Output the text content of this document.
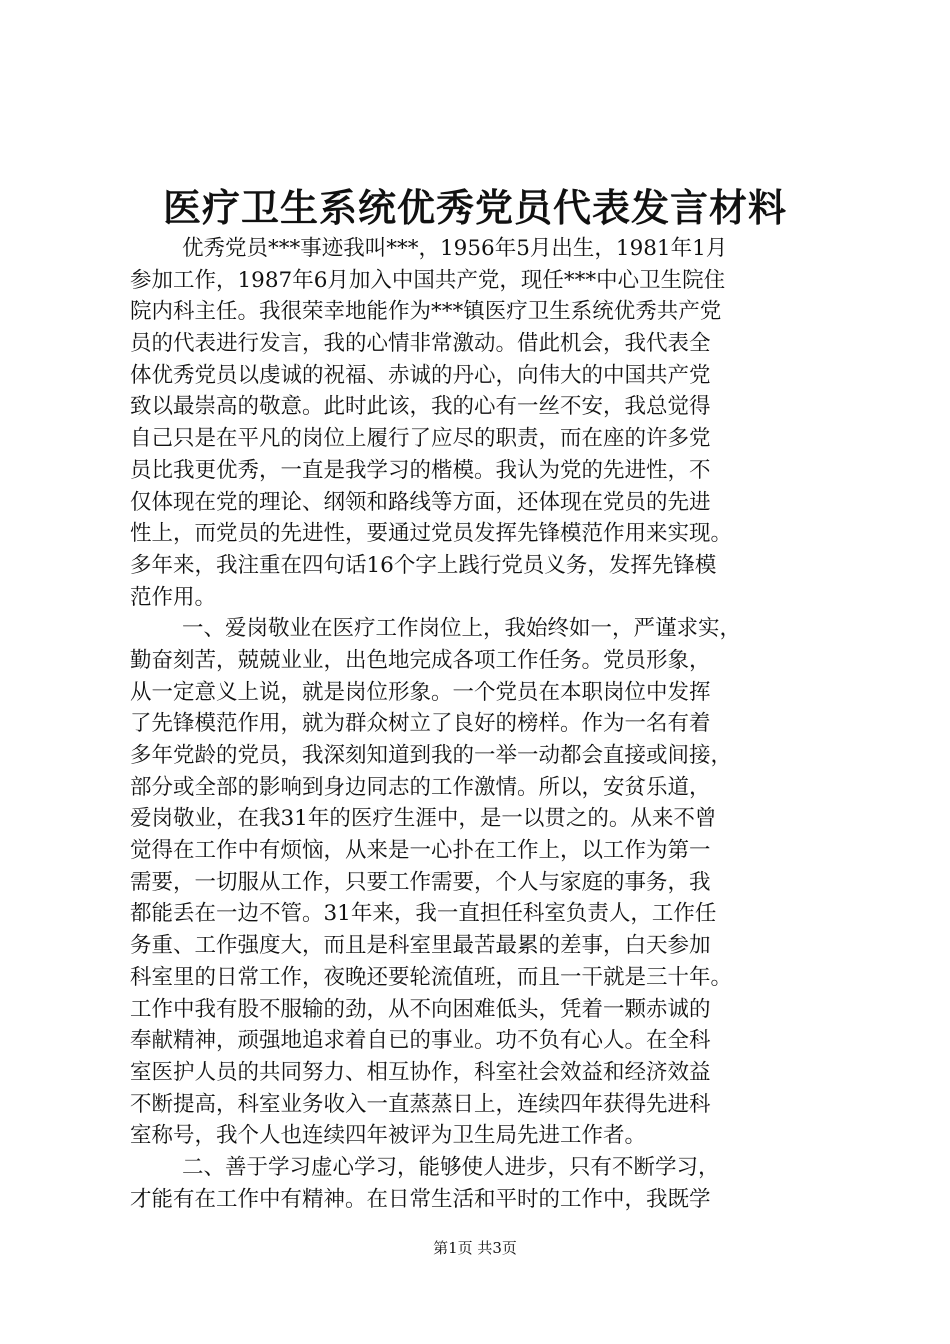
医疗卫生系统优秀党员代表发言材料
优秀党员***事迹我叫***，1956年5月出生，1981年1月
参加工作，1987年6月加入中国共产党，现任***中心卫生院住
院内科主任。我很荣幸地能作为***镇医疗卫生系统优秀共产党
员的代表进行发言，我的心情非常激动。借此机会，我代表全
体优秀党员以虔诚的祝福、赤诚的丹心，向伟大的中国共产党
致以最崇高的敬意。此时此该，我的心有一丝不安，我总觉得
自己只是在平凡的岗位上履行了应尽的职责，而在座的许多党
员比我更优秀，一直是我学习的楷模。我认为党的先进性，不
仅体现在党的理论、纲领和路线等方面，还体现在党员的先进
性上，而党员的先进性，要通过党员发挥先锋模范作用来实现。
多年来，我注重在四句话16个字上践行党员义务，发挥先锋模
范作用。
一、爱岗敬业在医疗工作岗位上，我始终如一，严谨求实，
勤奋刻苦，兢兢业业，出色地完成各项工作任务。党员形象，
从一定意义上说，就是岗位形象。一个党员在本职岗位中发挥
了先锋模范作用，就为群众树立了良好的榜样。作为一名有着
多年党龄的党员，我深刻知道到我的一举一动都会直接或间接，
部分或全部的影响到身边同志的工作激情。所以，安贫乐道，
爱岗敬业，在我31年的医疗生涯中，是一以贯之的。从来不曾
觉得在工作中有烦恼，从来是一心扑在工作上，以工作为第一
需要，一切服从工作，只要工作需要，个人与家庭的事务，我
都能丢在一边不管。31年来，我一直担任科室负责人，工作任
务重、工作强度大，而且是科室里最苦最累的差事，白天参加
科室里的日常工作，夜晚还要轮流值班，而且一干就是三十年。
工作中我有股不服输的劲，从不向困难低头，凭着一颗赤诚的
奉献精神，顽强地追求着自已的事业。功不负有心人。在全科
室医护人员的共同努力、相互协作，科室社会效益和经济效益
不断提高，科室业务收入一直蒸蒸日上，连续四年获得先进科
室称号，我个人也连续四年被评为卫生局先进工作者。
二、善于学习虚心学习，能够使人进步，只有不断学习，
才能有在工作中有精神。在日常生活和平时的工作中，我既学
第1页 共3页
